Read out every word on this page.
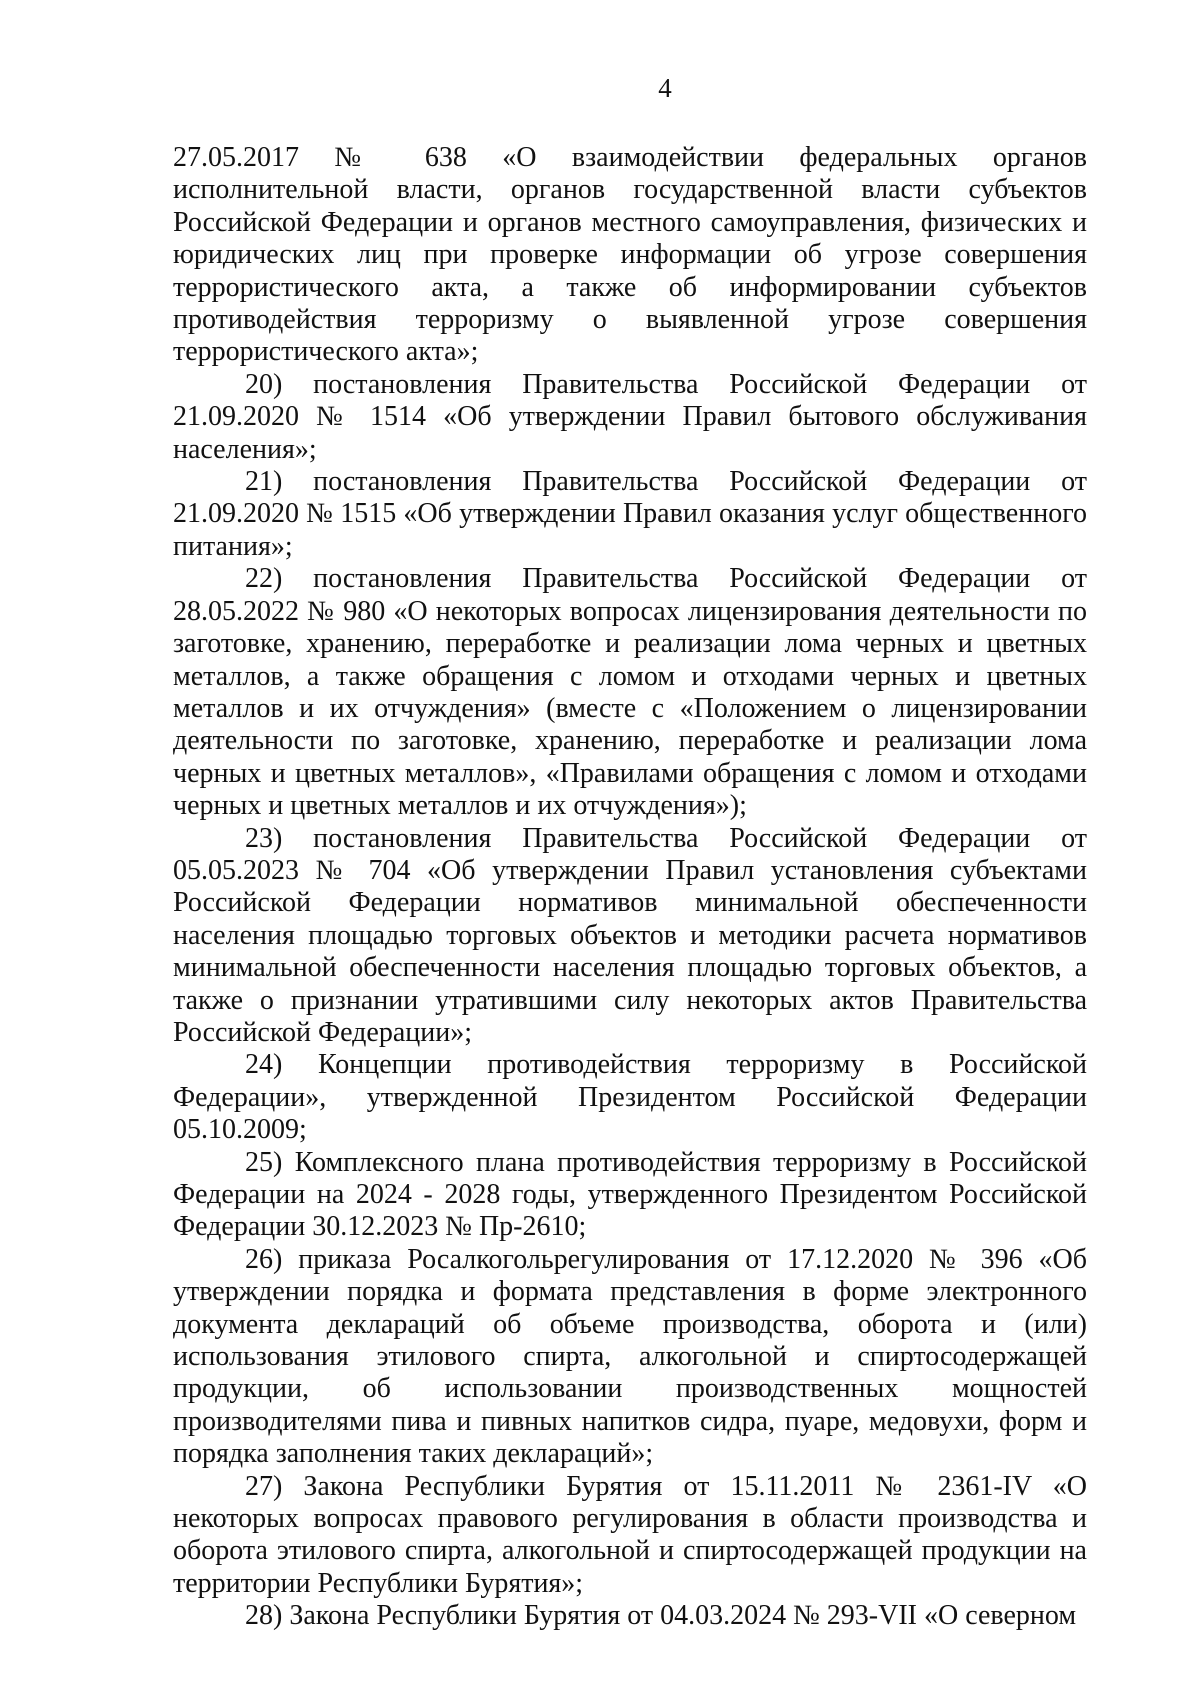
4

27.05.2017 № 638 «О взаимодействии федеральных органов исполнительной власти, органов государственной власти субъектов Российской Федерации и органов местного самоуправления, физических и юридических лиц при проверке информации об угрозе совершения террористического акта, а также об информировании субъектов противодействия терроризму о выявленной угрозе совершения террористического акта»;

20) постановления Правительства Российской Федерации от 21.09.2020 № 1514 «Об утверждении Правил бытового обслуживания населения»;

21) постановления Правительства Российской Федерации от 21.09.2020 № 1515 «Об утверждении Правил оказания услуг общественного питания»;

22) постановления Правительства Российской Федерации от 28.05.2022 № 980 «О некоторых вопросах лицензирования деятельности по заготовке, хранению, переработке и реализации лома черных и цветных металлов, а также обращения с ломом и отходами черных и цветных металлов и их отчуждения» (вместе с «Положением о лицензировании деятельности по заготовке, хранению, переработке и реализации лома черных и цветных металлов», «Правилами обращения с ломом и отходами черных и цветных металлов и их отчуждения»);

23) постановления Правительства Российской Федерации от 05.05.2023 № 704 «Об утверждении Правил установления субъектами Российской Федерации нормативов минимальной обеспеченности населения площадью торговых объектов и методики расчета нормативов минимальной обеспеченности населения площадью торговых объектов, а также о признании утратившими силу некоторых актов Правительства Российской Федерации»;

24) Концепции противодействия терроризму в Российской Федерации», утвержденной Президентом Российской Федерации 05.10.2009;

25) Комплексного плана противодействия терроризму в Российской Федерации на 2024 - 2028 годы, утвержденного Президентом Российской Федерации 30.12.2023 № Пр-2610;

26) приказа Росалкогольрегулирования от 17.12.2020 № 396 «Об утверждении порядка и формата представления в форме электронного документа деклараций об объеме производства, оборота и (или) использования этилового спирта, алкогольной и спиртосодержащей продукции, об использовании производственных мощностей производителями пива и пивных напитков сидра, пуаре, медовухи, форм и порядка заполнения таких деклараций»;

27) Закона Республики Бурятия от 15.11.2011 № 2361-IV «О некоторых вопросах правового регулирования в области производства и оборота этилового спирта, алкогольной и спиртосодержащей продукции на территории Республики Бурятия»;

28) Закона Республики Бурятия от 04.03.2024 № 293-VII «О северном
